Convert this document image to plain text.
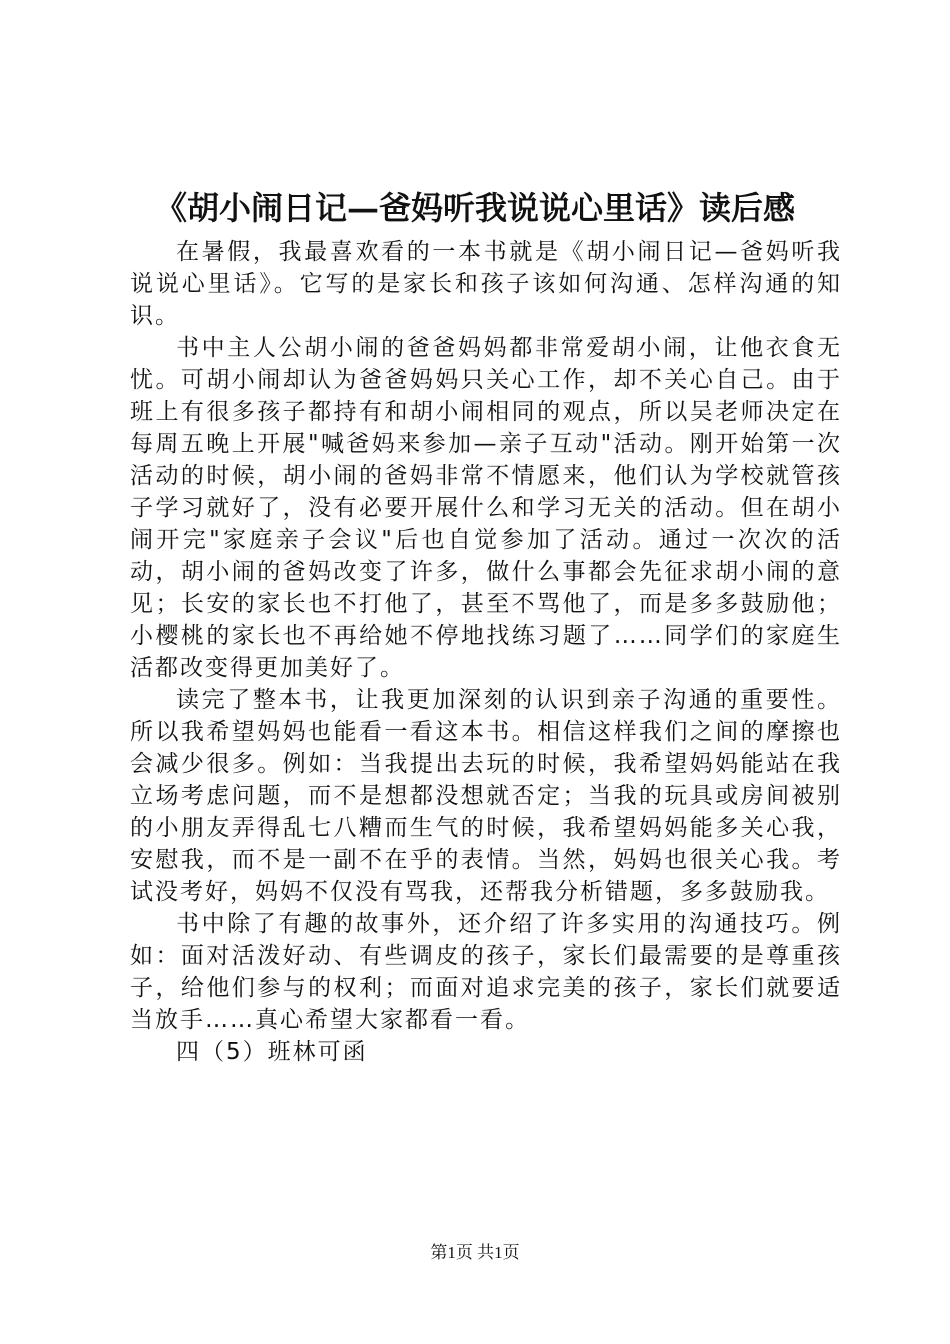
《胡小闹日记—爸妈听我说说心里话》读后感

在暑假，我最喜欢看的一本书就是《胡小闹日记—爸妈听我说说心里话》。它写的是家长和孩子该如何沟通、怎样沟通的知识。

书中主人公胡小闹的爸爸妈妈都非常爱胡小闹，让他衣食无忧。可胡小闹却认为爸爸妈妈只关心工作，却不关心自己。由于班上有很多孩子都持有和胡小闹相同的观点，所以吴老师决定在每周五晚上开展"喊爸妈来参加—亲子互动"活动。刚开始第一次活动的时候，胡小闹的爸妈非常不情愿来，他们认为学校就管孩子学习就好了，没有必要开展什么和学习无关的活动。但在胡小闹开完"家庭亲子会议"后也自觉参加了活动。通过一次次的活动，胡小闹的爸妈改变了许多，做什么事都会先征求胡小闹的意见；长安的家长也不打他了，甚至不骂他了，而是多多鼓励他；小樱桃的家长也不再给她不停地找练习题了……同学们的家庭生活都改变得更加美好了。

读完了整本书，让我更加深刻的认识到亲子沟通的重要性。所以我希望妈妈也能看一看这本书。相信这样我们之间的摩擦也会减少很多。例如：当我提出去玩的时候，我希望妈妈能站在我立场考虑问题，而不是想都没想就否定；当我的玩具或房间被别的小朋友弄得乱七八糟而生气的时候，我希望妈妈能多关心我，安慰我，而不是一副不在乎的表情。当然，妈妈也很关心我。考试没考好，妈妈不仅没有骂我，还帮我分析错题，多多鼓励我。

书中除了有趣的故事外，还介绍了许多实用的沟通技巧。例如：面对活泼好动、有些调皮的孩子，家长们最需要的是尊重孩子，给他们参与的权利；而面对追求完美的孩子，家长们就要适当放手……真心希望大家都看一看。

四（5）班林可函

第1页 共1页
